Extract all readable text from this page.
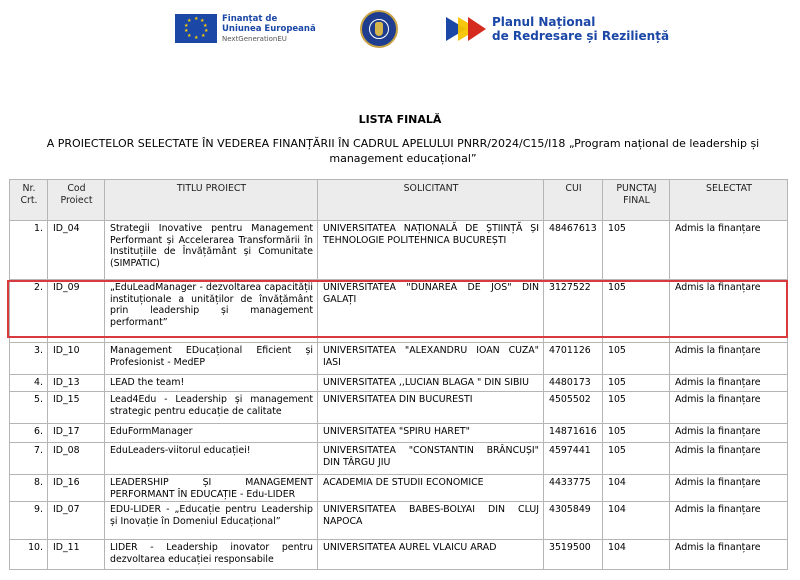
★ ★
★
★
★
★
★
★
★
★	Finanțat de
Uniunea Europeană
NextGenerationEU
Planul Național
de Redresare și Reziliență
LISTA FINALĂ
A PROIECTELOR SELECTATE ÎN VEDEREA FINANȚĂRII ÎN CADRUL APELULUI PNRR/2024/C15/I18 „Program național de leadership și management educațional”
Nr. Crt.	Cod Proiect	TITLU PROIECT	SOLICITANT	CUI	PUNCTAJ FINAL	SELECTAT
1.	ID_04	Strategii Inovative pentru Management Performant și Accelerarea Transformării în Instituțiile de Învățământ și Comunitate (SIMPATIC)	UNIVERSITATEA NAȚIONALĂ DE ȘTIINȚĂ ȘI TEHNOLOGIE POLITEHNICA BUCUREȘTI	48467613	105	Admis la finanțare
2.	ID_09	„EduLeadManager - dezvoltarea capacității instituționale a unităților de învățământ prin leadership și management performant”	UNIVERSITATEA "DUNAREA DE JOS" DIN GALAȚI	3127522	105	Admis la finanțare
3.	ID_10	Management EDucațional Eficient și Profesionist - MedEP	UNIVERSITATEA "ALEXANDRU IOAN CUZA" IASI	4701126	105	Admis la finanțare
4.	ID_13	LEAD the team!	UNIVERSITATEA ,,LUCIAN BLAGA " DIN SIBIU	4480173	105	Admis la finanțare
5.	ID_15	Lead4Edu - Leadership și management strategic pentru educație de calitate	UNIVERSITATEA DIN BUCURESTI	4505502	105	Admis la finanțare
6.	ID_17	EduFormManager	UNIVERSITATEA "SPIRU HARET"	14871616	105	Admis la finanțare
7.	ID_08	EduLeaders-viitorul educației!	UNIVERSITATEA "CONSTANTIN BRÂNCUȘI" DIN TÂRGU JIU	4597441	105	Admis la finanțare
8.	ID_16	LEADERSHIP ȘI MANAGEMENT PERFORMANT ÎN EDUCAȚIE - Edu-LIDER	ACADEMIA DE STUDII ECONOMICE	4433775	104	Admis la finanțare
9.	ID_07	EDU-LIDER - „Educație pentru Leadership și Inovație în Domeniul Educațional”	UNIVERSITATEA BABES-BOLYAI DIN CLUJ NAPOCA	4305849	104	Admis la finanțare
10.	ID_11	LIDER - Leadership inovator pentru dezvoltarea educației responsabile	UNIVERSITATEA AUREL VLAICU ARAD	3519500	104	Admis la finanțare
